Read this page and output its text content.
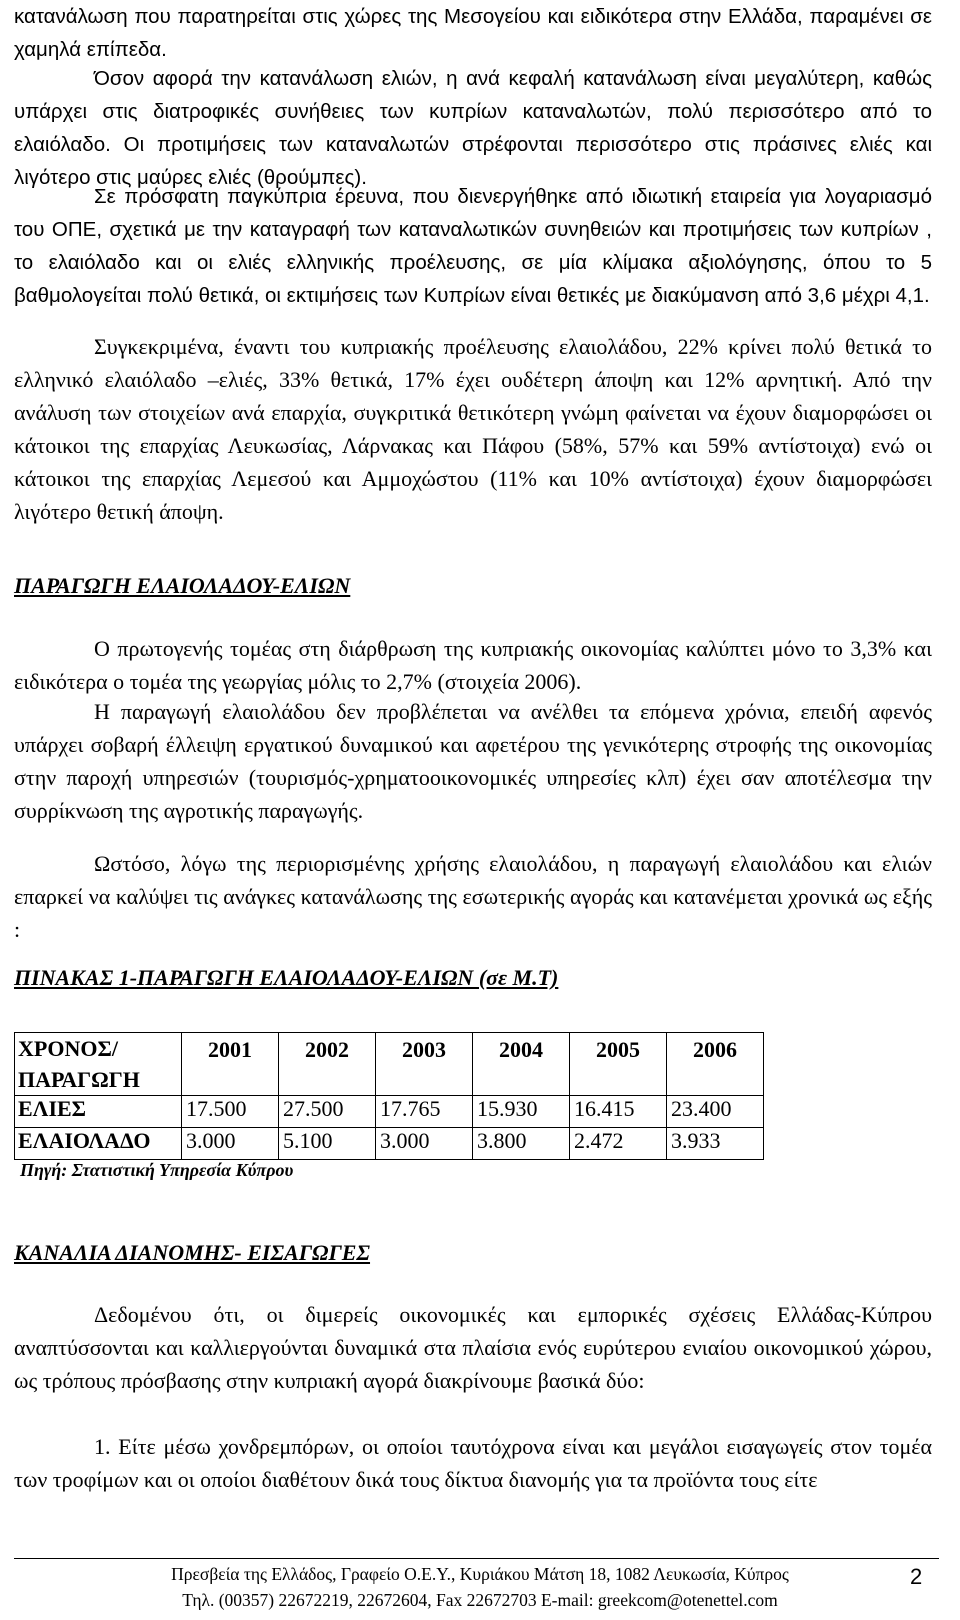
κατανάλωση που παρατηρείται στις χώρες της Μεσογείου και ειδικότερα στην Ελλάδα, παραμένει σε χαμηλά επίπεδα.

Όσον αφορά την κατανάλωση ελιών, η ανά κεφαλή κατανάλωση είναι μεγαλύτερη, καθώς υπάρχει στις διατροφικές συνήθειες των κυπρίων καταναλωτών, πολύ περισσότερο από το ελαιόλαδο. Οι προτιμήσεις των καταναλωτών στρέφονται περισσότερο στις πράσινες ελιές και λιγότερο στις μαύρες ελιές (θρούμπες).

Σε πρόσφατη παγκύπρια έρευνα, που διενεργήθηκε από ιδιωτική εταιρεία για λογαριασμό του ΟΠΕ, σχετικά με την καταγραφή των καταναλωτικών συνηθειών και προτιμήσεις των κυπρίων , το ελαιόλαδο και οι ελιές ελληνικής προέλευσης, σε μία κλίμακα αξιολόγησης, όπου το 5 βαθμολογείται πολύ θετικά, οι εκτιμήσεις των Κυπρίων είναι θετικές με διακύμανση από 3,6 μέχρι 4,1.

Συγκεκριμένα, έναντι του κυπριακής προέλευσης ελαιολάδου, 22% κρίνει πολύ θετικά το ελληνικό ελαιόλαδο –ελιές, 33% θετικά, 17% έχει ουδέτερη άποψη και 12% αρνητική. Από την ανάλυση των στοιχείων ανά επαρχία, συγκριτικά θετικότερη γνώμη φαίνεται να έχουν διαμορφώσει οι κάτοικοι της επαρχίας Λευκωσίας, Λάρνακας και Πάφου (58%, 57% και 59% αντίστοιχα) ενώ οι κάτοικοι της επαρχίας Λεμεσού και Αμμοχώστου (11% και 10% αντίστοιχα) έχουν διαμορφώσει λιγότερο θετική άποψη.

ΠΑΡΑΓΩΓΗ ΕΛΑΙΟΛΑΔΟΥ-ΕΛΙΩΝ

Ο πρωτογενής τομέας στη διάρθρωση της κυπριακής οικονομίας καλύπτει μόνο το 3,3% και ειδικότερα ο τομέα της γεωργίας μόλις το 2,7% (στοιχεία 2006).

Η παραγωγή ελαιολάδου δεν προβλέπεται να ανέλθει τα επόμενα χρόνια, επειδή αφενός υπάρχει σοβαρή έλλειψη εργατικού δυναμικού και αφετέρου της γενικότερης στροφής της οικονομίας στην παροχή υπηρεσιών (τουρισμός-χρηματοοικονομικές υπηρεσίες κλπ) έχει σαν αποτέλεσμα την συρρίκνωση της αγροτικής παραγωγής.

Ωστόσο, λόγω της περιορισμένης χρήσης ελαιολάδου, η παραγωγή ελαιολάδου και ελιών επαρκεί να καλύψει τις ανάγκες κατανάλωσης της εσωτερικής αγοράς και κατανέμεται χρονικά ως εξής :

ΠΙΝΑΚΑΣ 1-ΠΑΡΑΓΩΓΗ ΕΛΑΙΟΛΑΔΟΥ-ΕΛΙΩΝ (σε Μ.Τ)

ΧΡΟΝΟΣ/
ΠΑΡΑΓΩΓΗ	2001	2002	2003	2004	2005	2006
ΕΛΙΕΣ	17.500	27.500	17.765	15.930	16.415	23.400
ΕΛΑΙΟΛΑΔΟ	3.000	5.100	3.000	3.800	2.472	3.933

Πηγή: Στατιστική Υπηρεσία Κύπρου

ΚΑΝΑΛΙΑ ΔΙΑΝΟΜΗΣ- ΕΙΣΑΓΩΓΕΣ

Δεδομένου ότι, οι διμερείς οικονομικές και εμπορικές σχέσεις Ελλάδας-Κύπρου αναπτύσσονται και καλλιεργούνται δυναμικά στα πλαίσια ενός ευρύτερου ενιαίου οικονομικού χώρου, ως τρόπους πρόσβασης στην κυπριακή αγορά διακρίνουμε βασικά δύο:

1. Είτε μέσω χονδρεμπόρων, οι οποίοι ταυτόχρονα είναι και μεγάλοι εισαγωγείς στον τομέα των τροφίμων και οι οποίοι διαθέτουν δικά τους δίκτυα διανομής για τα προϊόντα τους είτε

Πρεσβεία της Ελλάδος, Γραφείο Ο.Ε.Υ., Κυριάκου Μάτση 18, 1082 Λευκωσία, Κύπρος

Τηλ. (00357) 22672219, 22672604, Fax 22672703 E-mail: greekcom@otenettel.com

2
